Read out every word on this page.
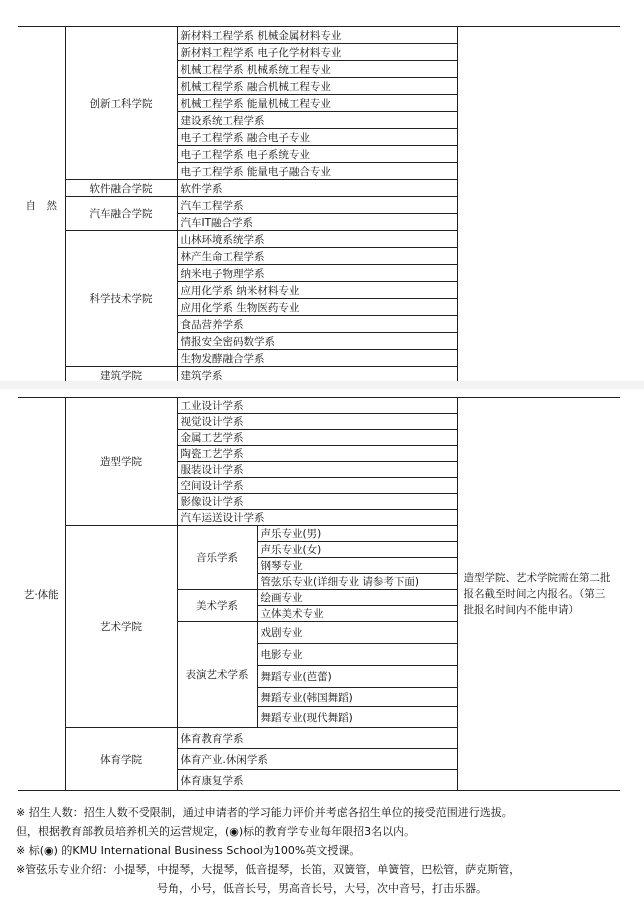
自　然	创新工科学院	新材料工程学系 机械金属材料专业	
		新材料工程学系 电子化学材料专业	
		机械工程学系 机械系统工程专业	
		机械工程学系 融合机械工程专业	
		机械工程学系 能量机械工程专业	
		建设系统工程学系	
		电子工程学系 融合电子专业	
		电子工程学系 电子系统专业	
		电子工程学系 能量电子融合专业	
	软件融合学院	软件学系	
	汽车融合学院	汽车工程学系	
		汽车IT融合学系	
	科学技术学院	山林环境系统学系	
		林产生命工程学系	
		纳米电子物理学系	
		应用化学系 纳米材料专业	
		应用化学系 生物医药专业	
		食品营养学系	
		情报安全密码数学系	
		生物发酵融合学系	
	建筑学院	建筑学系	
艺·体能	造型学院	工业设计学系		造型学院、艺术学院需在第二批报名截至时间之内报名。（第三批报名时间内不能申请）
		视觉设计学系		
		金属工艺学系		
		陶瓷工艺学系		
		服装设计学系		
		空间设计学系		
		影像设计学系		
		汽车运送设计学系		
	艺术学院	音乐学系	声乐专业(男)	
			声乐专业(女)	
			钢琴专业	
			管弦乐专业(详细专业 请参考下面)	
		美术学系	绘画专业	
			立体美术专业	
		表演艺术学系	戏剧专业	

			电影专业	

			舞蹈专业(芭蕾)	

			舞蹈专业(韩国舞蹈)	
			舞蹈专业(现代舞蹈)	
	体育学院	体育教育学系		
		体育产业.休闲学系		
		体育康复学系		
※ 招生人数：招生人数不受限制，通过申请者的学习能力评价并考虑各招生单位的接受范围进行选拔。
但，根据教育部教员培养机关的运营规定，(◉)标的教育学专业每年限招3名以内。
※ 标(◉) 的KMU International Business School为100%英文授课。
※管弦乐专业介绍：小提琴，中提琴，大提琴，低音提琴，长笛，双簧管，单簧管，巴松管，萨克斯管，
号角，小号，低音长号，男高音长号，大号，次中音号，打击乐器。
